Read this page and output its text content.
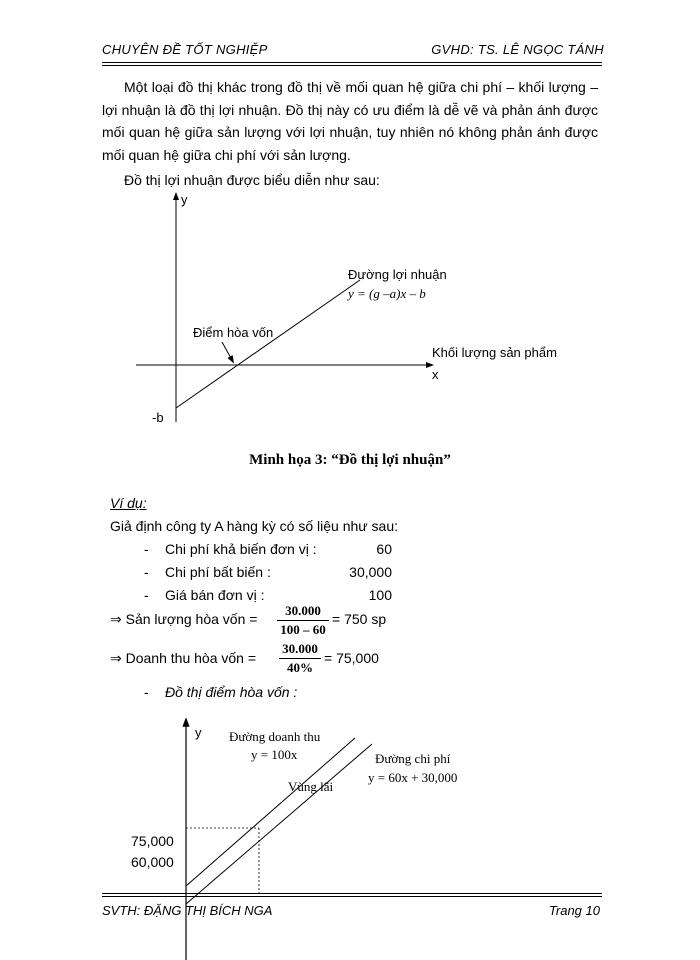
CHUYÊN ĐỀ TỐT NGHIỆP	GVHD: TS. LÊ NGỌC TÁNH

Một loại đồ thị khác trong đồ thị về mối quan hệ giữa chi phí – khối lượng – lợi nhuận là đồ thị lợi nhuận. Đồ thị này có ưu điểm là dễ vẽ và phản ánh được mối quan hệ giữa sản lượng với lợi nhuận, tuy nhiên nó không phản ánh được mối quan hệ giữa chi phí với sản lượng.

Đồ thị lợi nhuận được biểu diễn như sau:
y
x
Khối lượng sản phẩm
-b
Đường lợi nhuận
y = (g –a)x – b
Điểm hòa vốn
Minh họa 3: “Đồ thị lợi nhuận”
Ví dụ:
Giả định công ty A hàng kỳ có số liệu như sau:
- Chi phí khả biến đơn vị :	60
- Chi phí bất biến :	30,000
- Giá bán đơn vị :	100
⇒ Sản lượng hòa vốn = $\frac{30.000}{100 - 60} = 750$ sp
⇒ Doanh thu hòa vốn = $\frac{30.000}{40\%} = 75,000$
- Đồ thị điểm hòa vốn :
y Đường doanh thu
y = 100x	Đường chi phí
y = 60x + 30,000
Vùng lãi
75,000
60,000
SVTH: ĐẶNG THỊ BÍCH NGA	Trang 10
